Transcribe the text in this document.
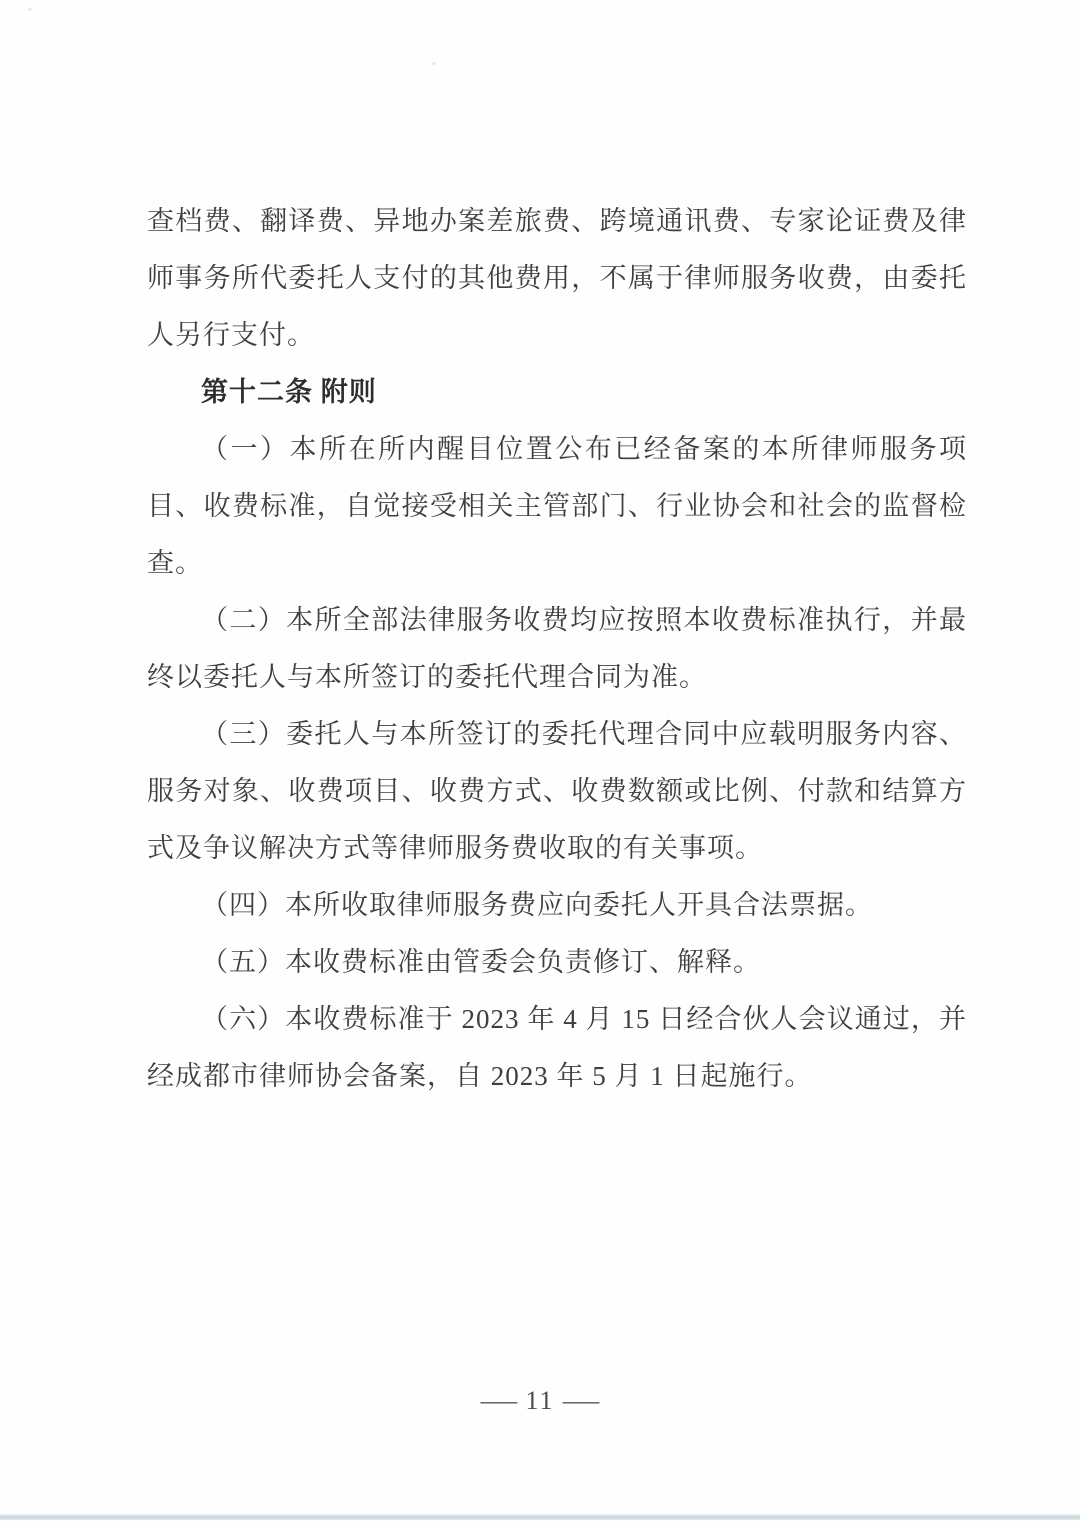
查档费、翻译费、异地办案差旅费、跨境通讯费、专家论证费及律师事务所代委托人支付的其他费用，不属于律师服务收费，由委托人另行支付。

第十二条 附则

（一）本所在所内醒目位置公布已经备案的本所律师服务项目、收费标准，自觉接受相关主管部门、行业协会和社会的监督检查。

（二）本所全部法律服务收费均应按照本收费标准执行，并最终以委托人与本所签订的委托代理合同为准。

（三）委托人与本所签订的委托代理合同中应载明服务内容、服务对象、收费项目、收费方式、收费数额或比例、付款和结算方式及争议解决方式等律师服务费收取的有关事项。

（四）本所收取律师服务费应向委托人开具合法票据。

（五）本收费标准由管委会负责修订、解释。

（六）本收费标准于 2023 年 4 月 15 日经合伙人会议通过，并经成都市律师协会备案，自 2023 年 5 月 1 日起施行。

— 11 —
